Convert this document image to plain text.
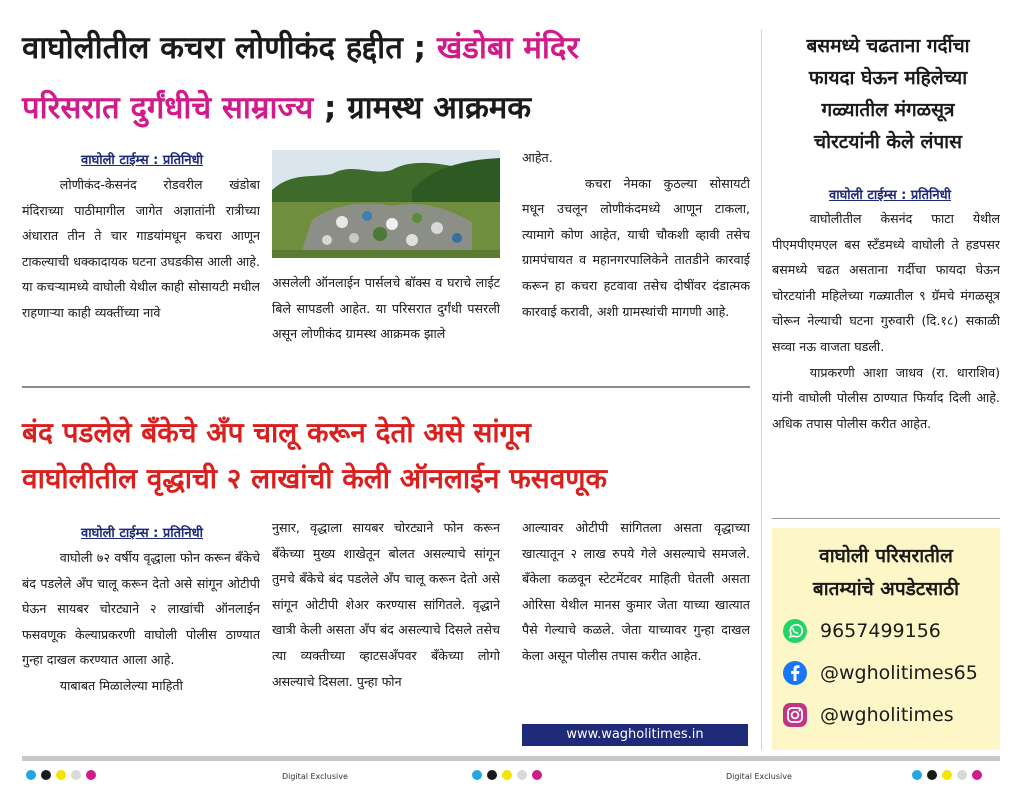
वाघोलीतील कचरा लोणीकंद हद्दीत ; खंडोबा मंदिर
परिसरात दुर्गंधीचे साम्राज्य ; ग्रामस्थ आक्रमक
वाघोली टाईम्स : प्रतिनिधी

लोणीकंद-केसनंद रोडवरील खंडोबा मंदिराच्या पाठीमागील जागेत अज्ञातांनी रात्रीच्या अंधारात तीन ते चार गाडयांमधून कचरा आणून टाकल्याची धक्कादायक घटना उघडकीस आली आहे. या कचऱ्यामध्ये वाघोली येथील काही सोसायटी मधील राहणाऱ्या काही व्यक्तींच्या नावे

असलेली ऑनलाईन पार्सलचे बॉक्स व घराचे लाईट बिले सापडली आहेत. या परिसरात दुर्गंधी पसरली असून लोणीकंद ग्रामस्थ आक्रमक झाले

आहेत.

कचरा नेमका कुठल्या सोसायटी मधून उचलून लोणीकंदमध्ये आणून टाकला, त्यामागे कोण आहेत, याची चौकशी व्हावी तसेच ग्रामपंचायत व महानगरपालिकेने तातडीने कारवाई करून हा कचरा हटवावा तसेच दोषींवर दंडात्मक कारवाई करावी, अशी ग्रामस्थांची मागणी आहे.

बंद पडलेले बँकेचे अँप चालू करून देतो असे सांगून
वाघोलीतील वृद्धाची २ लाखांची केली ऑनलाईन फसवणूक
वाघोली टाईम्स : प्रतिनिधी

वाघोली ७२ वर्षीय वृद्धाला फोन करून बँकेचे बंद पडलेले अँप चालू करून देतो असे सांगून ओटीपी घेऊन सायबर चोरट्याने २ लाखांची ऑनलाईन फसवणूक केल्याप्रकरणी वाघोली पोलीस ठाण्यात गुन्हा दाखल करण्यात आला आहे.

याबाबत मिळालेल्या माहिती

नुसार, वृद्धाला सायबर चोरट्याने फोन करून बँकेच्या मुख्य शाखेतून बोलत असल्याचे सांगून तुमचे बँकेचे बंद पडलेले अँप चालू करून देतो असे सांगून ओटीपी शेअर करण्यास सांगितले. वृद्धाने खात्री केली असता अँप बंद असल्याचे दिसले तसेच त्या व्यक्तीच्या व्हाटसअँपवर बँकेच्या लोगो असल्याचे दिसला. पुन्हा फोन

आल्यावर ओटीपी सांगितला असता वृद्धाच्या खात्यातून २ लाख रुपये गेले असल्याचे समजले. बँकेला कळवून स्टेटमेंटवर माहिती घेतली असता ओरिसा येथील मानस कुमार जेता याच्या खात्यात पैसे गेल्याचे कळले. जेता याच्यावर गुन्हा दाखल केला असून पोलीस तपास करीत आहेत.

www.wagholitimes.in
बसमध्ये चढताना गर्दीचा
फायदा घेऊन महिलेच्या
गळ्यातील मंगळसूत्र
चोरटयांनी केले लंपास
वाघोली टाईम्स : प्रतिनिधी

वाघोलीतील केसनंद फाटा येथील पीएमपीएमएल बस स्टँडमध्ये वाघोली ते हडपसर बसमध्ये चढत असताना गर्दीचा फायदा घेऊन चोरटयांनी महिलेच्या गळ्यातील ९ ग्रॅमचे मंगळसूत्र चोरून नेल्याची घटना गुरुवारी (दि.१८) सकाळी सव्वा नऊ वाजता घडली.

याप्रकरणी आशा जाधव (रा. धाराशिव) यांनी वाघोली पोलीस ठाण्यात फिर्याद दिली आहे. अधिक तपास पोलीस करीत आहेत.

वाघोली परिसरातील
बातम्यांचे अपडेटसाठी
9657499156
@wgholitimes65
@wgholitimes
Digital Exclusive	Digital Exclusive
